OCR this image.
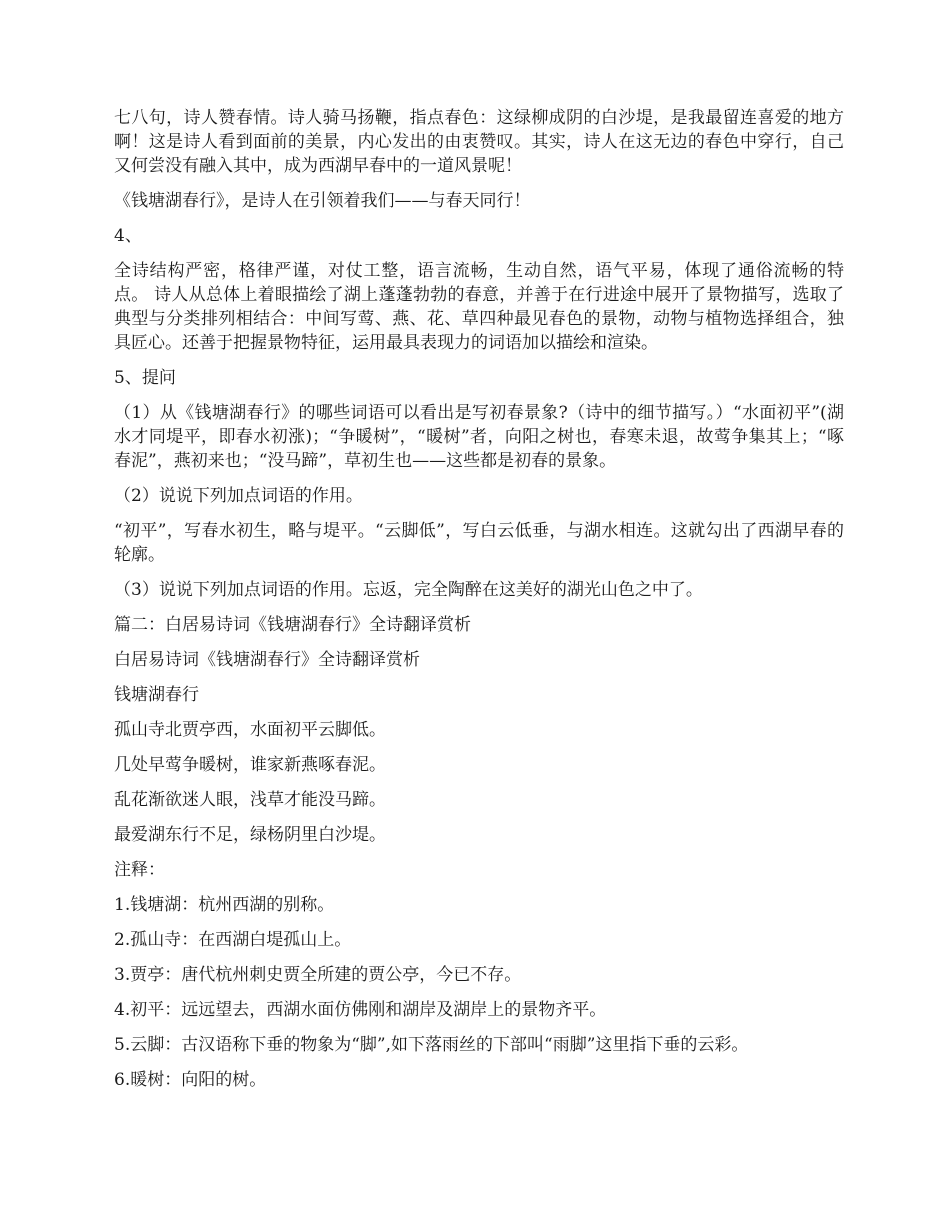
七八句，诗人赞春情。诗人骑马扬鞭，指点春色：这绿柳成阴的白沙堤，是我最留连喜爱的地方啊！这是诗人看到面前的美景，内心发出的由衷赞叹。其实，诗人在这无边的春色中穿行，自己又何尝没有融入其中，成为西湖早春中的一道风景呢！

《钱塘湖春行》，是诗人在引领着我们——与春天同行！

4、

全诗结构严密，格律严谨，对仗工整，语言流畅，生动自然，语气平易，体现了通俗流畅的特点。 诗人从总体上着眼描绘了湖上蓬蓬勃勃的春意，并善于在行进途中展开了景物描写，选取了典型与分类排列相结合：中间写莺、燕、花、草四种最见春色的景物，动物与植物选择组合，独具匠心。还善于把握景物特征，运用最具表现力的词语加以描绘和渲染。

5、提问

（1）从《钱塘湖春行》的哪些词语可以看出是写初春景象?（诗中的细节描写。）“水面初平”(湖水才同堤平，即春水初涨)；“争暖树”，“暖树”者，向阳之树也，春寒未退，故莺争集其上；“啄春泥”，燕初来也；“没马蹄”，草初生也——这些都是初春的景象。

（2）说说下列加点词语的作用。

“初平”，写春水初生，略与堤平。“云脚低”，写白云低垂，与湖水相连。这就勾出了西湖早春的轮廓。

（3）说说下列加点词语的作用。忘返，完全陶醉在这美好的湖光山色之中了。

篇二：白居易诗词《钱塘湖春行》全诗翻译赏析

白居易诗词《钱塘湖春行》全诗翻译赏析

钱塘湖春行

孤山寺北贾亭西，水面初平云脚低。

几处早莺争暖树，谁家新燕啄春泥。

乱花渐欲迷人眼，浅草才能没马蹄。

最爱湖东行不足，绿杨阴里白沙堤。

注释：

1.钱塘湖：杭州西湖的别称。

2.孤山寺：在西湖白堤孤山上。

3.贾亭：唐代杭州刺史贾全所建的贾公亭，今已不存。

4.初平：远远望去，西湖水面仿佛刚和湖岸及湖岸上的景物齐平。

5.云脚：古汉语称下垂的物象为“脚”,如下落雨丝的下部叫“雨脚”这里指下垂的云彩。

6.暖树：向阳的树。
